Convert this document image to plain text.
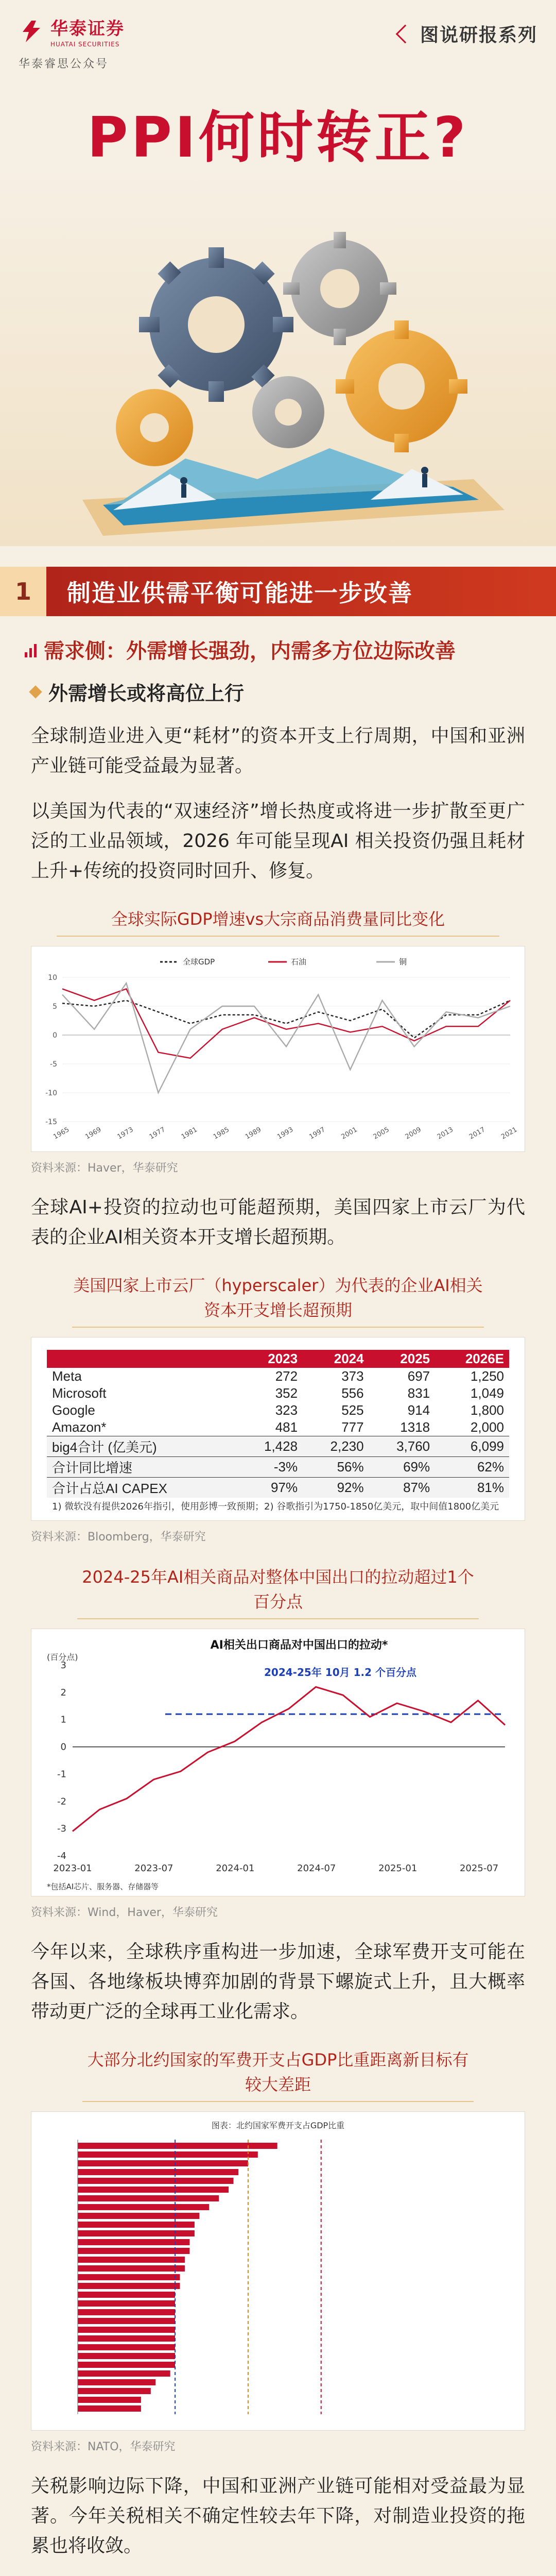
华泰证券
HUATAI SECURITIES
华泰睿思公众号
图说研报系列
PPI何时转正?
1	制造业供需平衡可能进一步改善
需求侧：外需增长强劲，内需多方位边际改善
外需增长或将高位上行

全球制造业进入更“耗材”的资本开支上行周期，中国和亚洲产业链可能受益最为显著。

以美国为代表的“双速经济”增长热度或将进一步扩散至更广泛的工业品领域，2026 年可能呈现AI 相关投资仍强且耗材上升+传统的投资同时回升、修复。

全球实际GDP增速vs大宗商品消费量同比变化
10
5
0
-5
-10
-15
1965 1969 1973 1977 1981 1985 1989 1993 1997 2001 2005 2009 2013 2017 2021
全球GDP	石油	铜
资料来源：Haver，华泰研究

全球AI+投资的拉动也可能超预期，美国四家上市云厂为代表的企业AI相关资本开支增长超预期。

美国四家上市云厂（hyperscaler）为代表的企业AI相关资本开支增长超预期
	2023	2024	2025	2026E
Meta	272	373	697	1,250
Microsoft	352	556	831	1,049
Google	323	525	914	1,800
Amazon*	481	777	1318	2,000
big4合计 (亿美元)	1,428	2,230	3,760	6,099
合计同比增速	-3%	56%	69%	62%
合计占总AI CAPEX	97%	92%	87%	81%
1) 微软没有提供2026年指引，使用彭博一致预期；2) 谷歌指引为1750-1850亿美元，取中间值1800亿美元
资料来源：Bloomberg，华泰研究
2024-25年AI相关商品对整体中国出口的拉动超过1个百分点
AI相关出口商品对中国出口的拉动*
(百分点)
3
2
1
0
-1
-2
-3
-4
2023-01	2023-07	2024-01	2024-07	2025-01	2025-07
2024-25年 10月 1.2 个百分点
*包括AI芯片、服务器、存储器等
资料来源：Wind，Haver，华泰研究

今年以来，全球秩序重构进一步加速，全球军费开支可能在各国、各地缘板块博弈加剧的背景下螺旋式上升，且大概率带动更广泛的全球再工业化需求。

大部分北约国家的军费开支占GDP比重距离新目标有较大差距
图表：北约国家军费开支占GDP比重
资料来源：NATO，华泰研究

关税影响边际下降，中国和亚洲产业链可能相对受益最为显著。今年关税相关不确定性较去年下降，对制造业投资的拖累也将收敛。
